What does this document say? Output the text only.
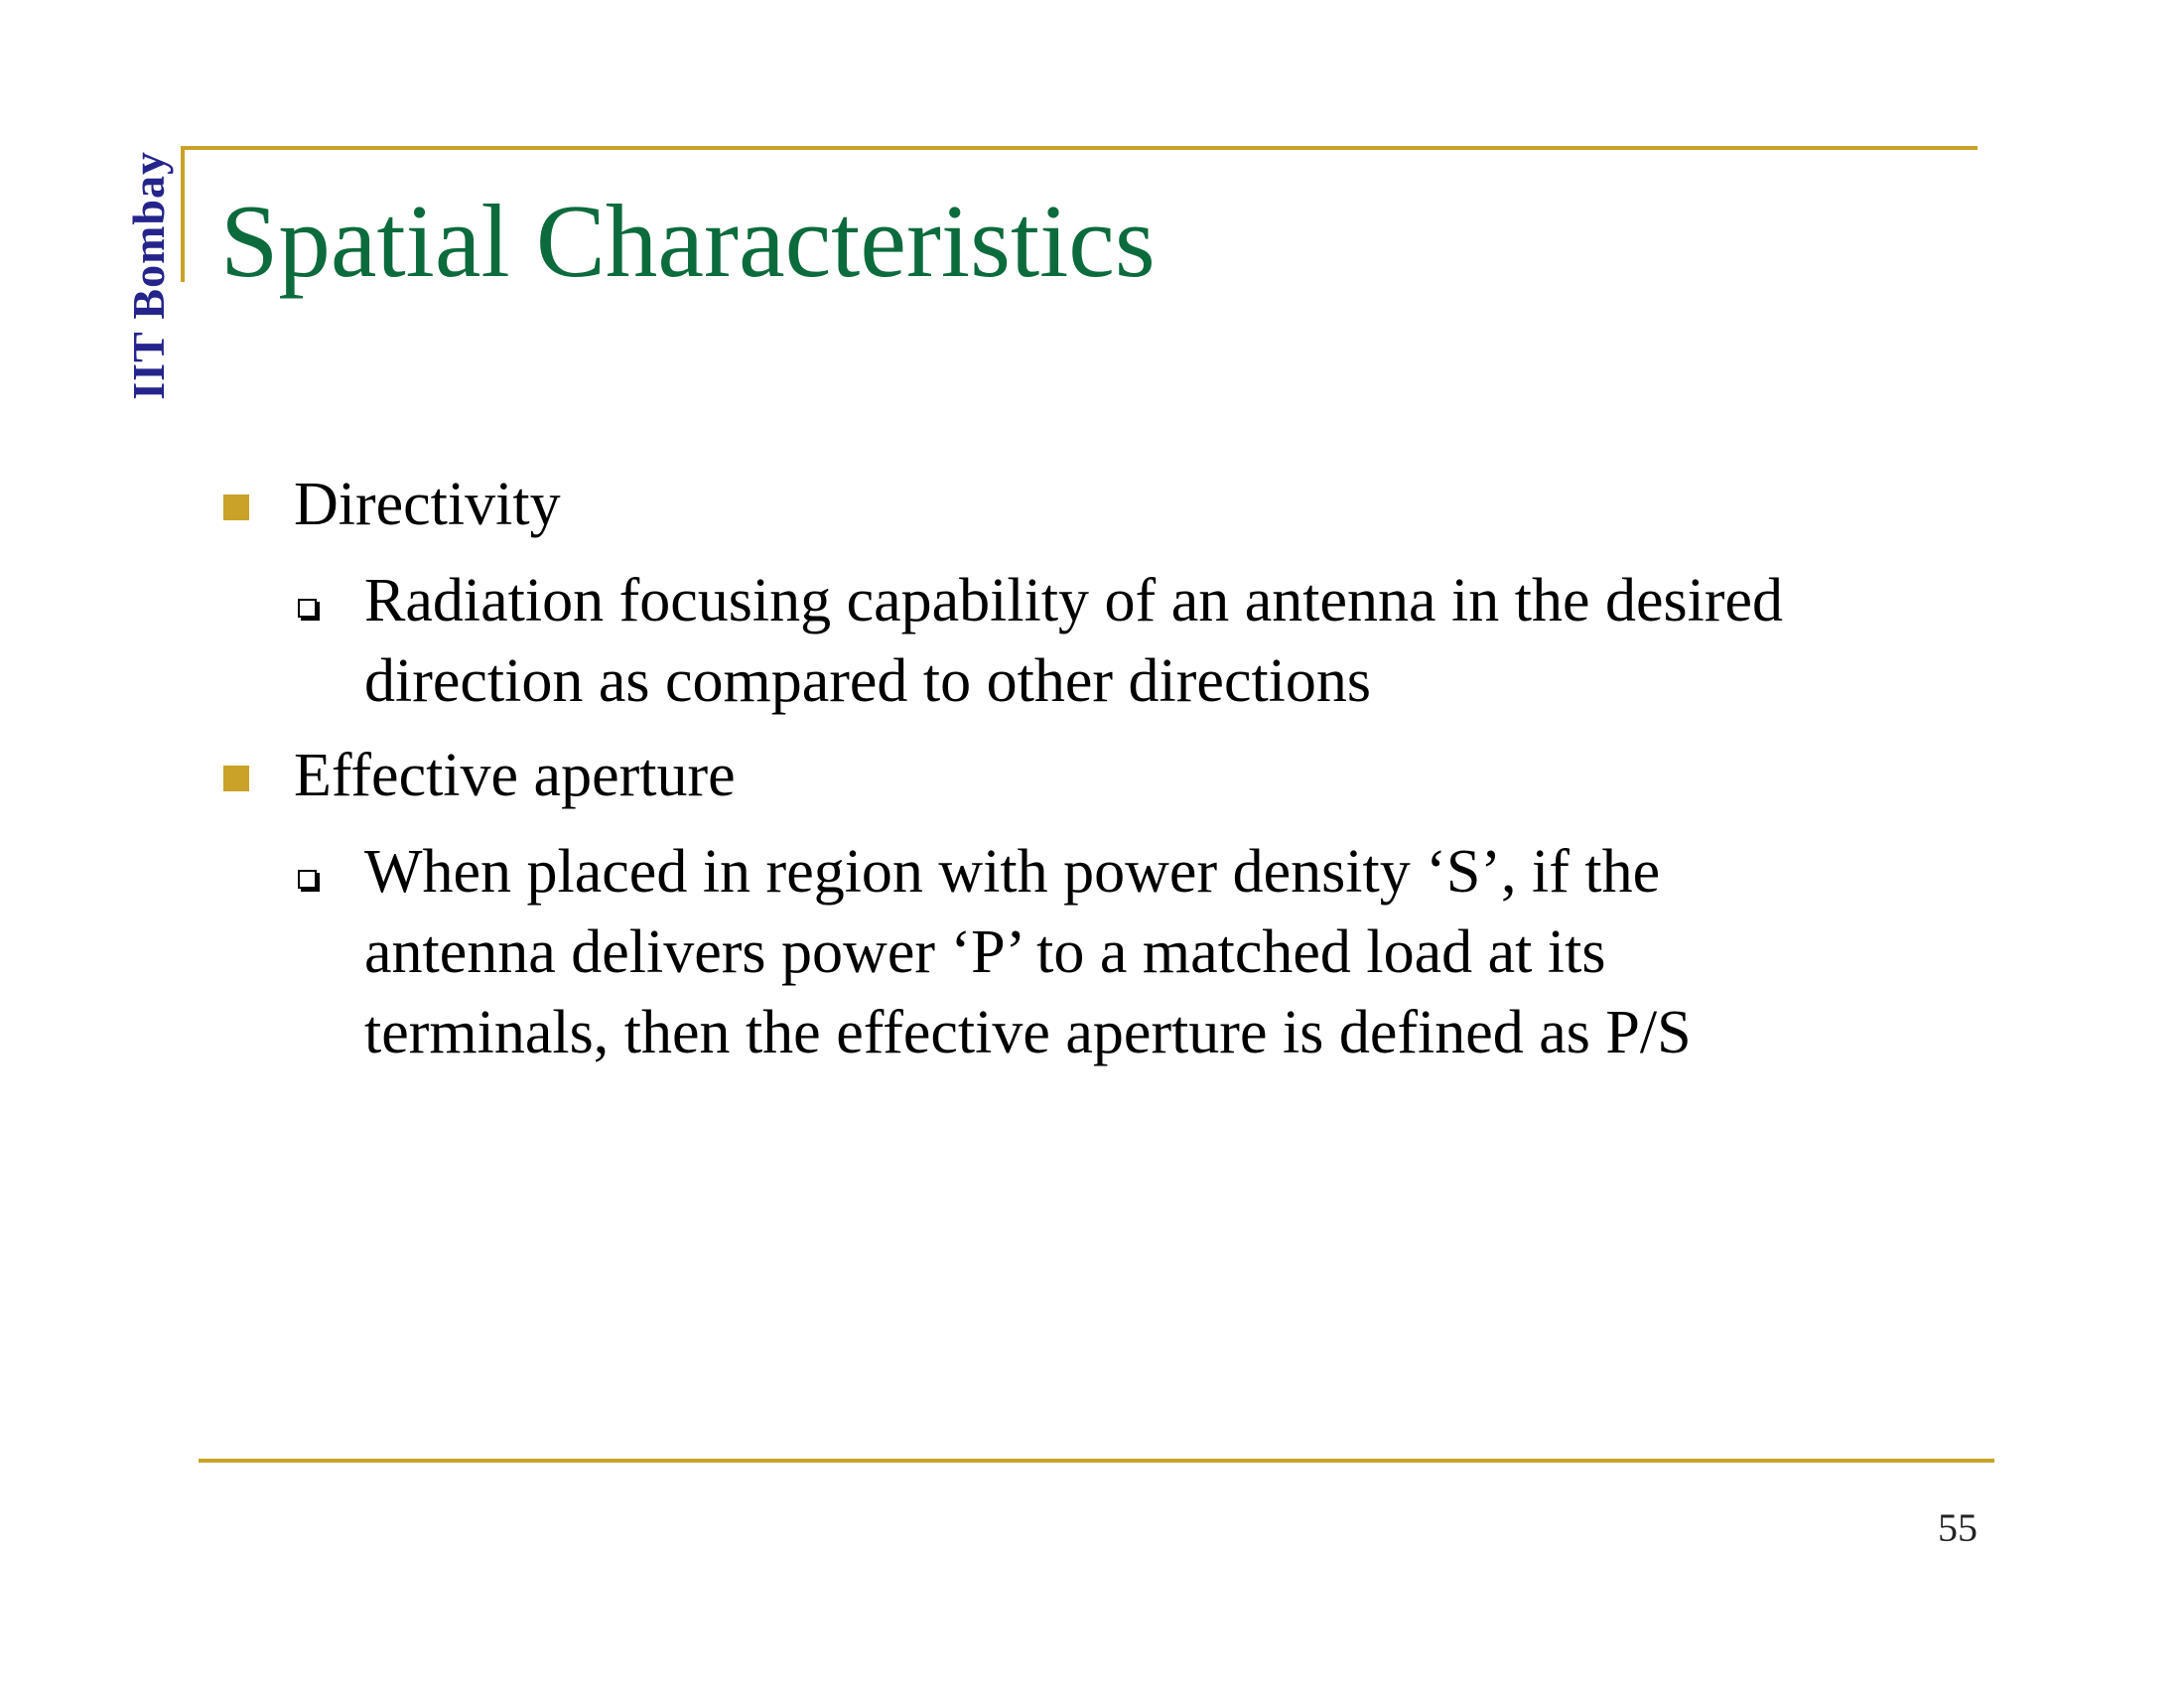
IIT Bombay Spatial Characteristics
Directivity
Radiation focusing capability of an antenna in the desired
direction as compared to other directions
Effective aperture
When placed in region with power density ‘S’, if the
antenna delivers power ‘P’ to a matched load at its
terminals, then the effective aperture is defined as P/S
55
